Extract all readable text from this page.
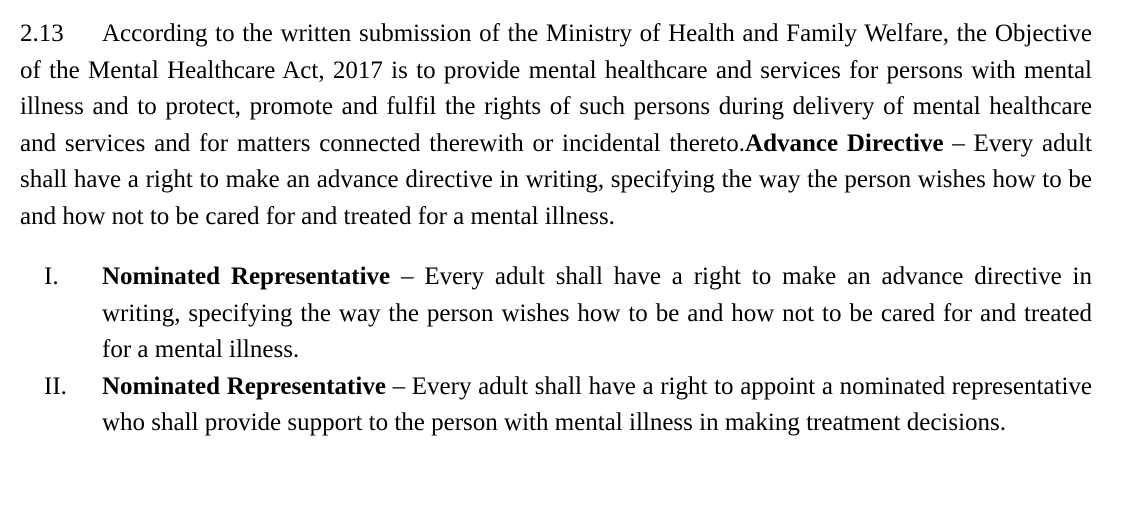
2.13 According to the written submission of the Ministry of Health and Family Welfare, the Objective of the Mental Healthcare Act, 2017 is to provide mental healthcare and services for persons with mental illness and to protect, promote and fulfil the rights of such persons during delivery of mental healthcare and services and for matters connected therewith or incidental thereto.Advance Directive – Every adult shall have a right to make an advance directive in writing, specifying the way the person wishes how to be and how not to be cared for and treated for a mental illness.

I. Nominated Representative – Every adult shall have a right to make an advance directive in writing, specifying the way the person wishes how to be and how not to be cared for and treated for a mental illness.
II. Nominated Representative – Every adult shall have a right to appoint a nominated representative who shall provide support to the person with mental illness in making treatment decisions.
